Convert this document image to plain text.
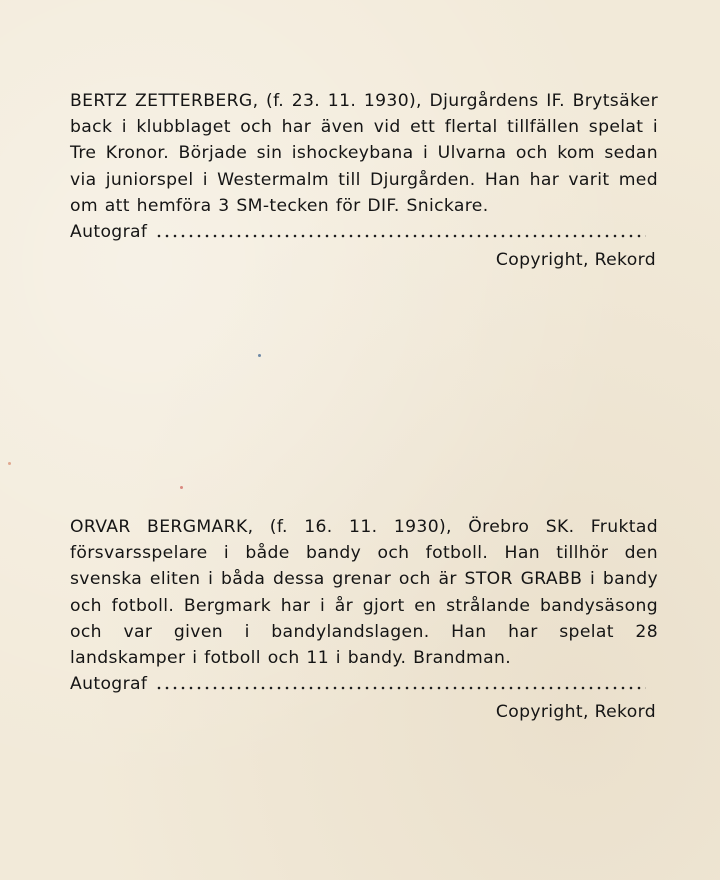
BERTZ ZETTERBERG, (f. 23. 11. 1930), Djurgårdens IF. Brytsäker back i klubblaget och har även vid ett flertal tillfällen spelat i Tre Kronor. Började sin ishockeybana i Ulvarna och kom sedan via juniorspel i Westermalm till Djurgården. Han har varit med om att hemföra 3 SM-tecken för DIF. Snickare.

Autograf
Copyright, Rekord

ORVAR BERGMARK, (f. 16. 11. 1930), Örebro SK. Fruktad försvarsspelare i både bandy och fotboll. Han tillhör den svenska eliten i båda dessa grenar och är STOR GRABB i bandy och fotboll. Bergmark har i år gjort en strålande bandysäsong och var given i bandylandslagen. Han har spelat 28 landskamper i fotboll och 11 i bandy. Brandman.

Autograf
Copyright, Rekord
